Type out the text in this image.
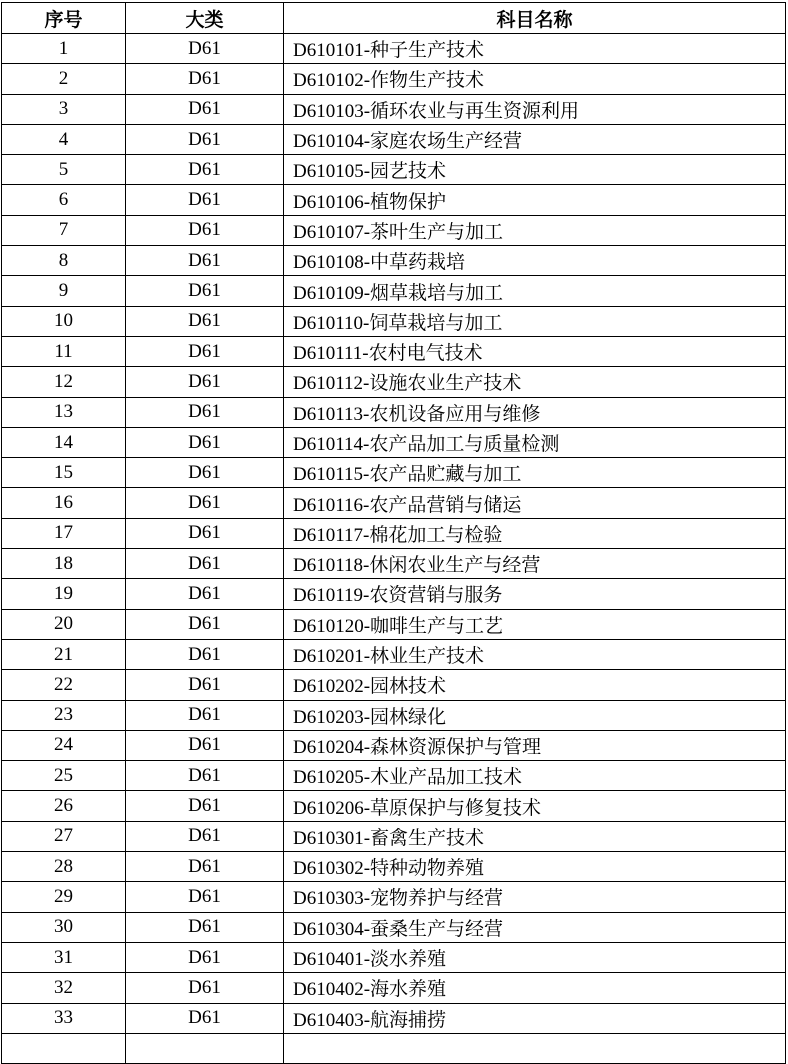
序号	大类	科目名称
1	D61	D610101-种子生产技术
2	D61	D610102-作物生产技术
3	D61	D610103-循环农业与再生资源利用
4	D61	D610104-家庭农场生产经营
5	D61	D610105-园艺技术
6	D61	D610106-植物保护
7	D61	D610107-茶叶生产与加工
8	D61	D610108-中草药栽培
9	D61	D610109-烟草栽培与加工
10	D61	D610110-饲草栽培与加工
11	D61	D610111-农村电气技术
12	D61	D610112-设施农业生产技术
13	D61	D610113-农机设备应用与维修
14	D61	D610114-农产品加工与质量检测
15	D61	D610115-农产品贮藏与加工
16	D61	D610116-农产品营销与储运
17	D61	D610117-棉花加工与检验
18	D61	D610118-休闲农业生产与经营
19	D61	D610119-农资营销与服务
20	D61	D610120-咖啡生产与工艺
21	D61	D610201-林业生产技术
22	D61	D610202-园林技术
23	D61	D610203-园林绿化
24	D61	D610204-森林资源保护与管理
25	D61	D610205-木业产品加工技术
26	D61	D610206-草原保护与修复技术
27	D61	D610301-畜禽生产技术
28	D61	D610302-特种动物养殖
29	D61	D610303-宠物养护与经营
30	D61	D610304-蚕桑生产与经营
31	D61	D610401-淡水养殖
32	D61	D610402-海水养殖
33	D61	D610403-航海捕捞
